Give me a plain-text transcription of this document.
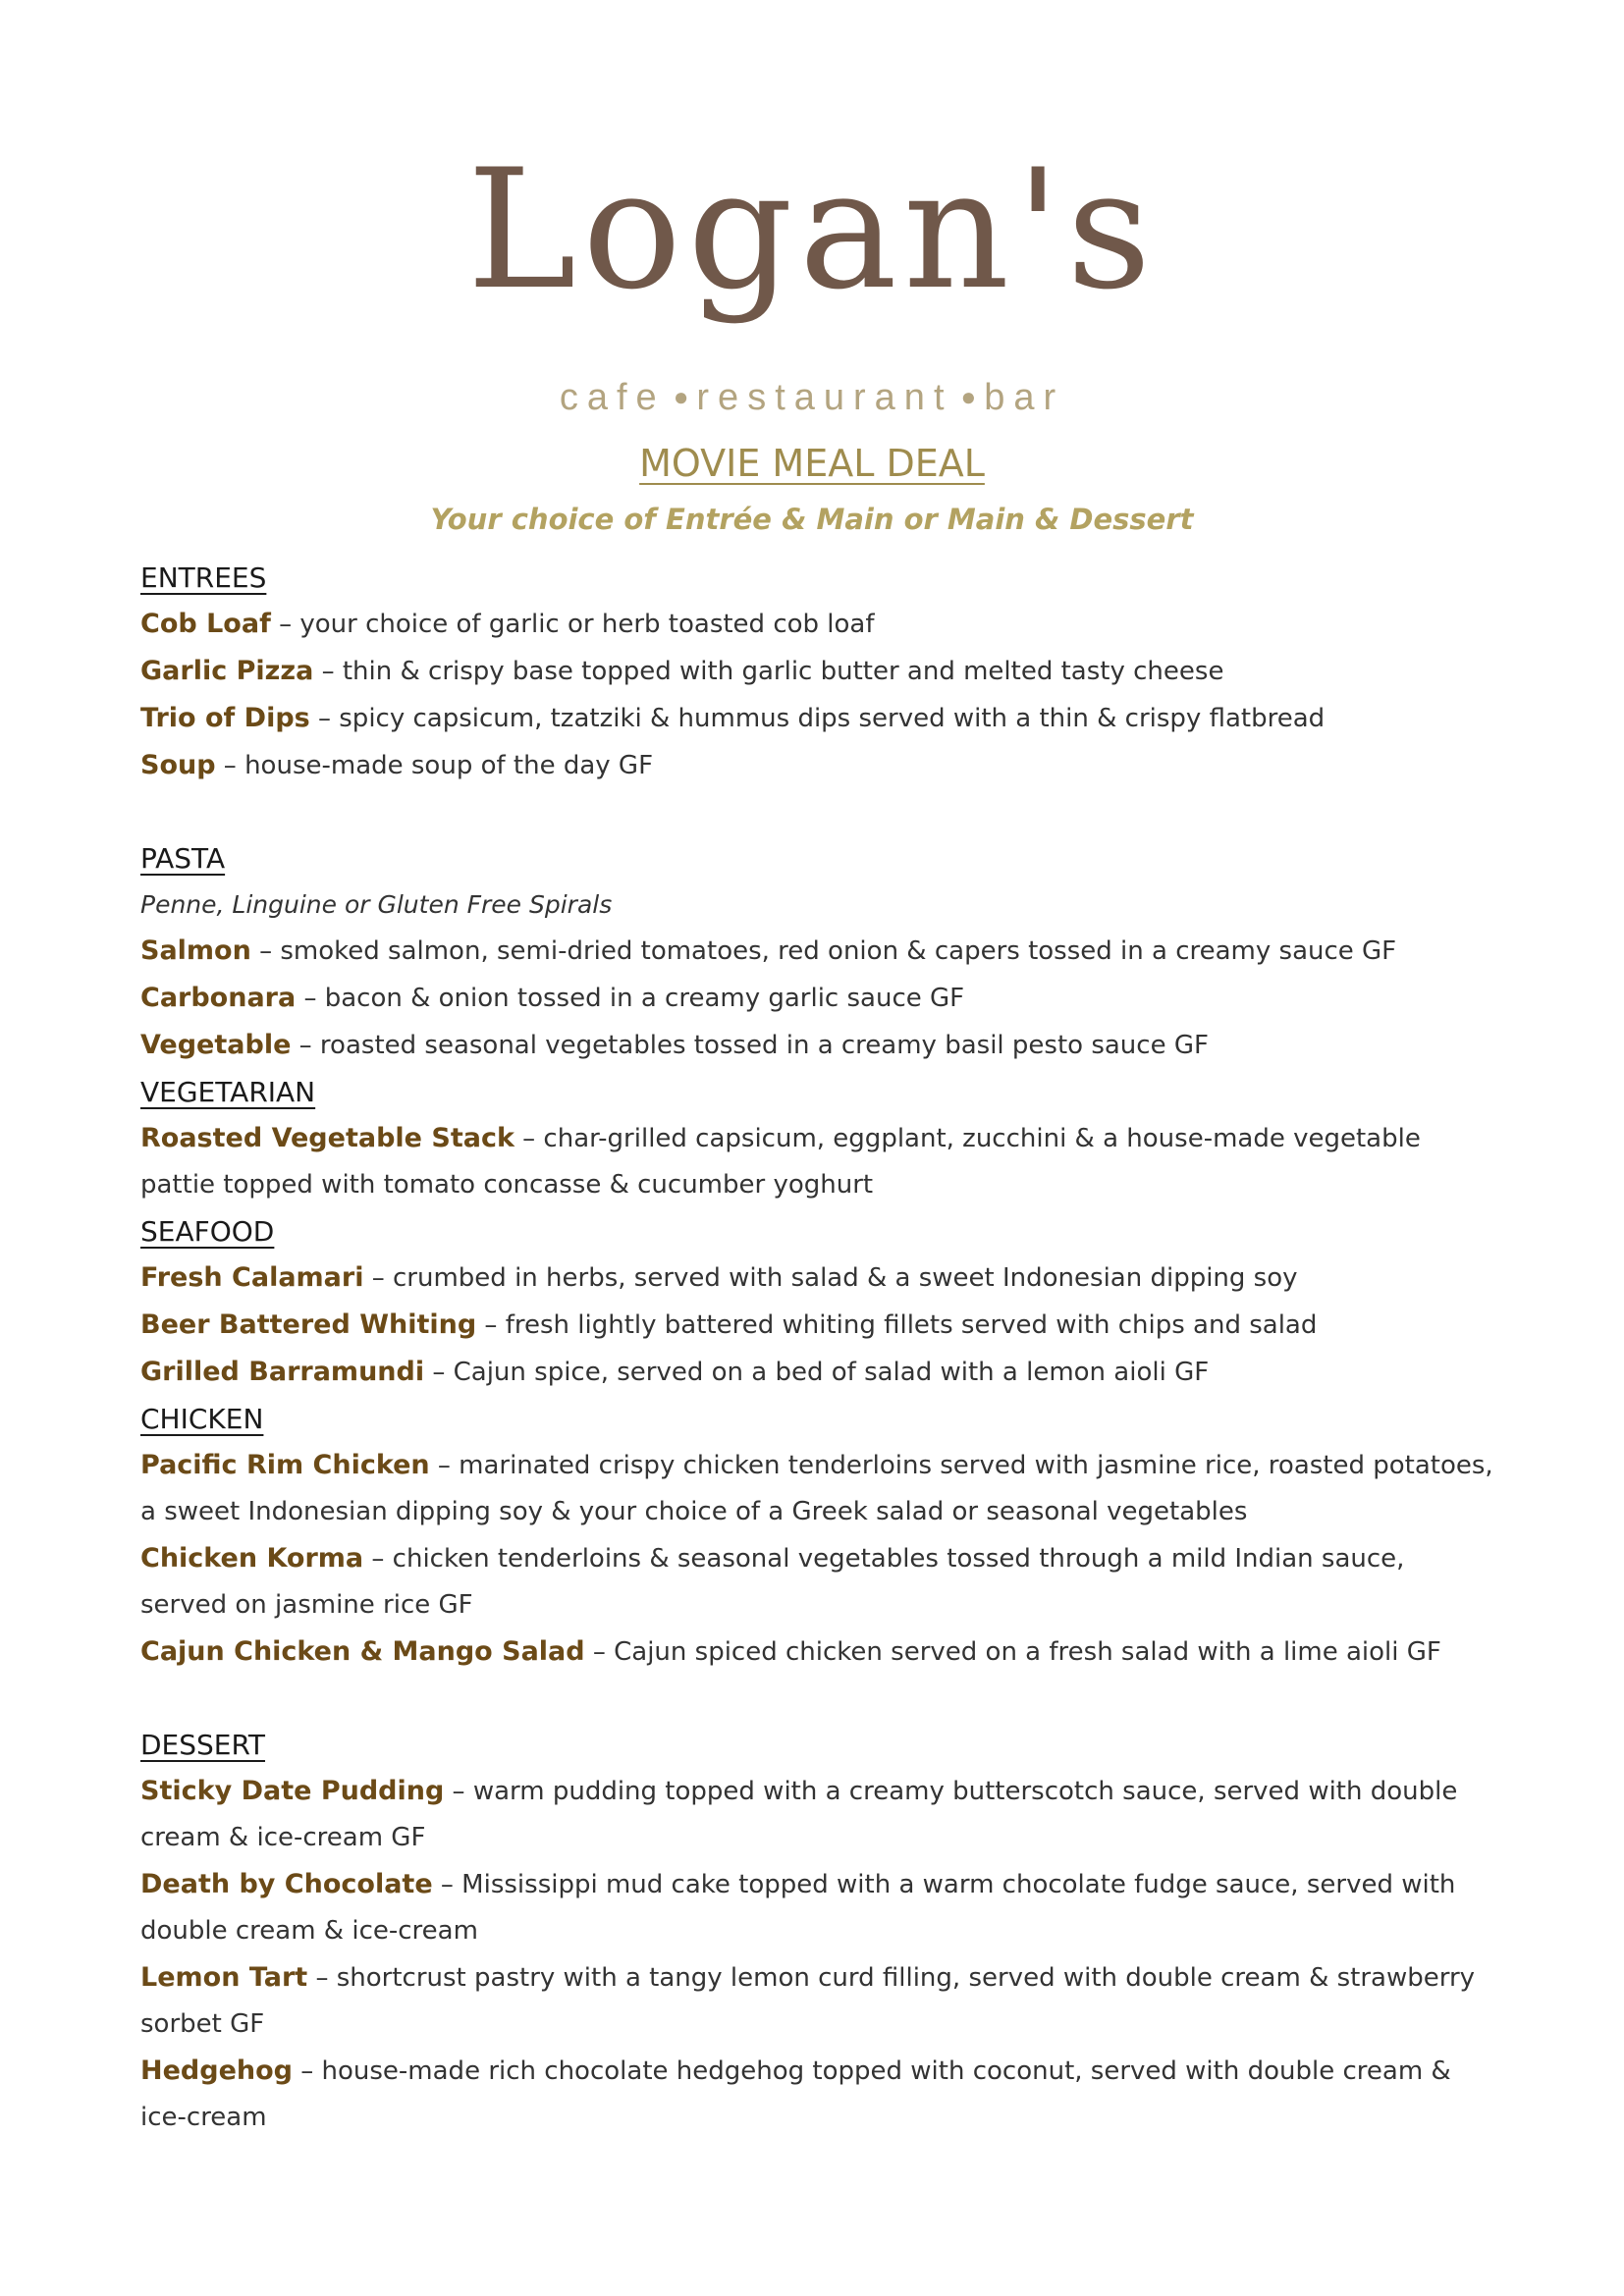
Logan's
cafe ● restaurant ● bar
MOVIE MEAL DEAL
Your choice of Entrée & Main or Main & Dessert
ENTREES
Cob Loaf – your choice of garlic or herb toasted cob loaf
Garlic Pizza – thin & crispy base topped with garlic butter and melted tasty cheese
Trio of Dips – spicy capsicum, tzatziki & hummus dips served with a thin & crispy flatbread
Soup – house-made soup of the day GF
PASTA
Penne, Linguine or Gluten Free Spirals
Salmon – smoked salmon, semi-dried tomatoes, red onion & capers tossed in a creamy sauce GF
Carbonara – bacon & onion tossed in a creamy garlic sauce GF
Vegetable – roasted seasonal vegetables tossed in a creamy basil pesto sauce GF
VEGETARIAN
Roasted Vegetable Stack – char-grilled capsicum, eggplant, zucchini & a house-made vegetable pattie topped with tomato concasse & cucumber yoghurt
SEAFOOD
Fresh Calamari – crumbed in herbs, served with salad & a sweet Indonesian dipping soy
Beer Battered Whiting – fresh lightly battered whiting fillets served with chips and salad
Grilled Barramundi – Cajun spice, served on a bed of salad with a lemon aioli GF
CHICKEN
Pacific Rim Chicken – marinated crispy chicken tenderloins served with jasmine rice, roasted potatoes, a sweet Indonesian dipping soy & your choice of a Greek salad or seasonal vegetables
Chicken Korma – chicken tenderloins & seasonal vegetables tossed through a mild Indian sauce, served on jasmine rice GF
Cajun Chicken & Mango Salad – Cajun spiced chicken served on a fresh salad with a lime aioli GF
DESSERT
Sticky Date Pudding – warm pudding topped with a creamy butterscotch sauce, served with double cream & ice-cream GF
Death by Chocolate – Mississippi mud cake topped with a warm chocolate fudge sauce, served with double cream & ice-cream
Lemon Tart – shortcrust pastry with a tangy lemon curd filling, served with double cream & strawberry sorbet GF
Hedgehog – house-made rich chocolate hedgehog topped with coconut, served with double cream & ice-cream
